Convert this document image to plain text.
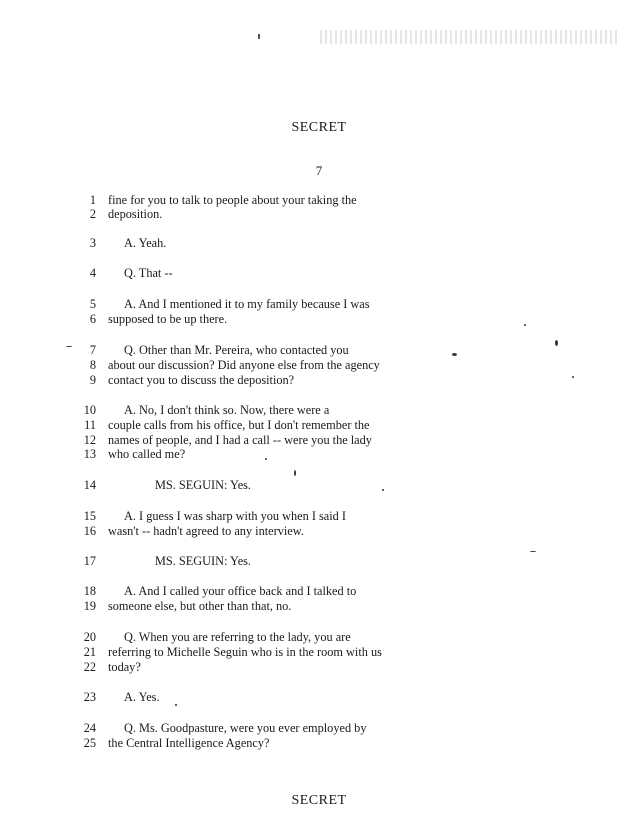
SECRET
7
1 fine for you to talk to people about your taking the
2 deposition.
3 A. Yeah.
4 Q. That --
5 A. And I mentioned it to my family because I was
6 supposed to be up there.
7 Q. Other than Mr. Pereira, who contacted you
8 about our discussion? Did anyone else from the agency
9 contact you to discuss the deposition?
10 A. No, I don't think so. Now, there were a
11 couple calls from his office, but I don't remember the
12 names of people, and I had a call -- were you the lady
13 who called me?
14	MS. SEGUIN: Yes.
15 A. I guess I was sharp with you when I said I
16 wasn't -- hadn't agreed to any interview.
17	MS. SEGUIN: Yes.
18 A. And I called your office back and I talked to
19 someone else, but other than that, no.
20 Q. When you are referring to the lady, you are
21 referring to Michelle Seguin who is in the room with us
22 today?
23 A. Yes.
24 Q. Ms. Goodpasture, were you ever employed by
25 the Central Intelligence Agency?
SECRET
